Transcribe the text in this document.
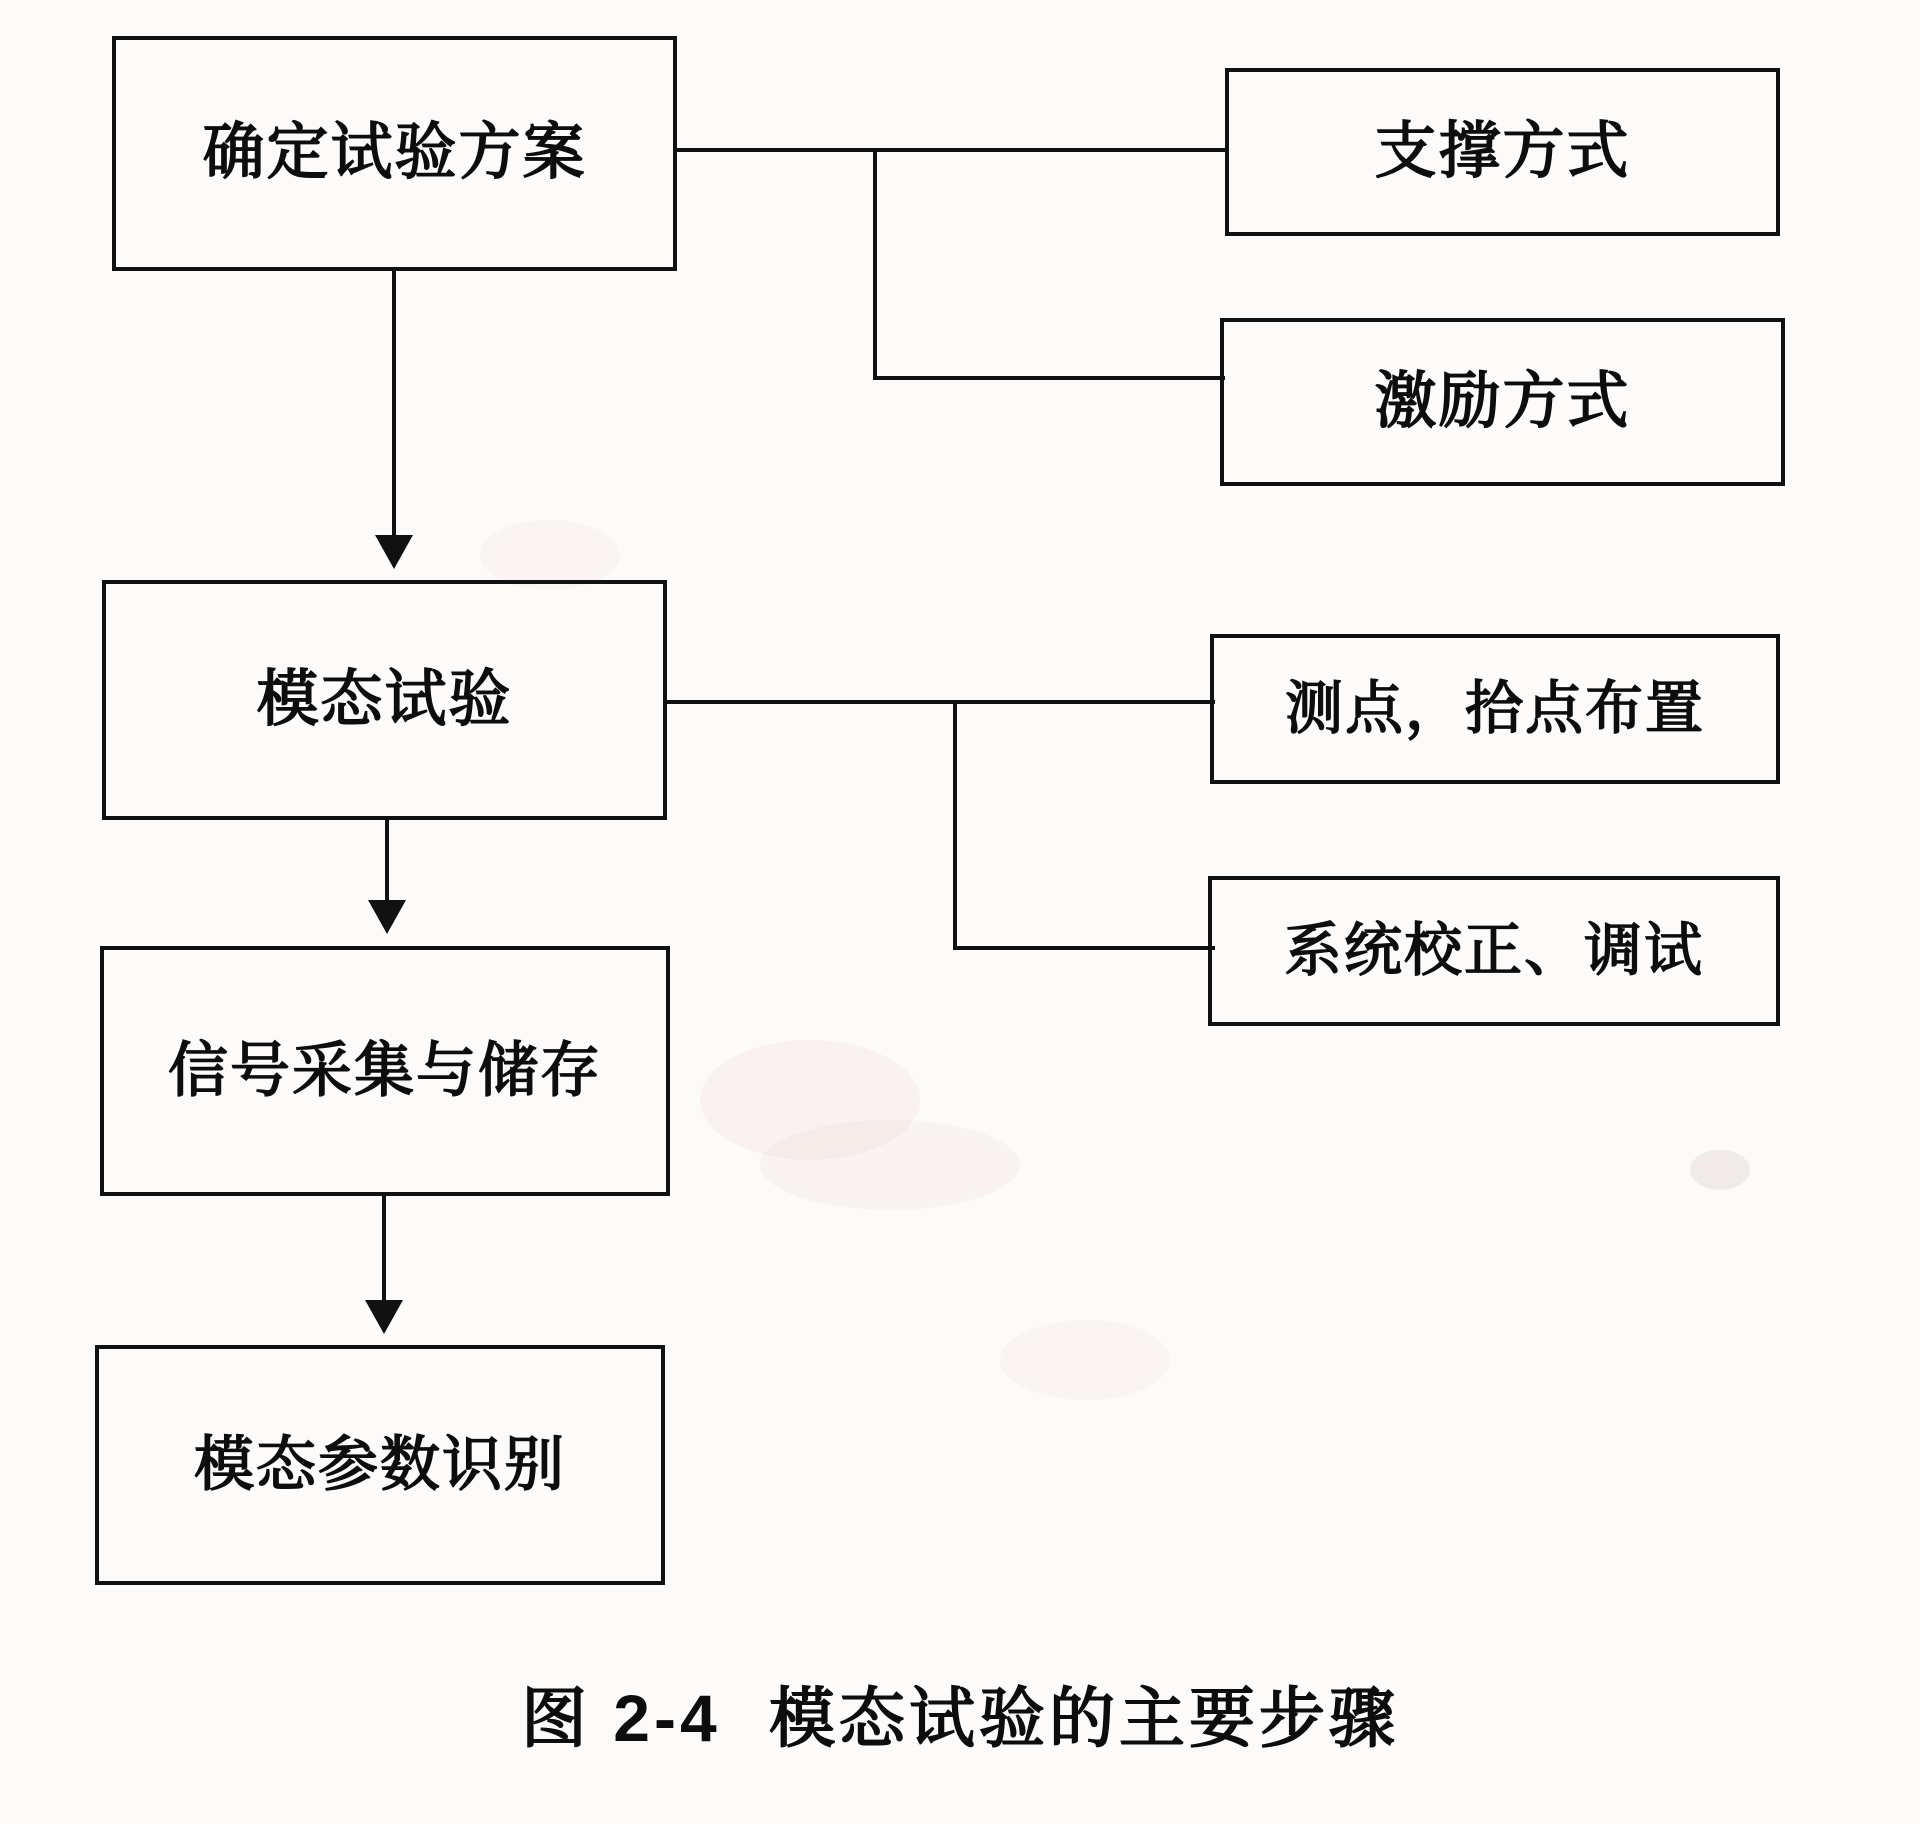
确定试验方案	支撑方式
激励方式
模态试验	测点，拾点布置
系统校正、调试
信号采集与储存
模态参数识别
图 2-4 模态试验的主要步骤
